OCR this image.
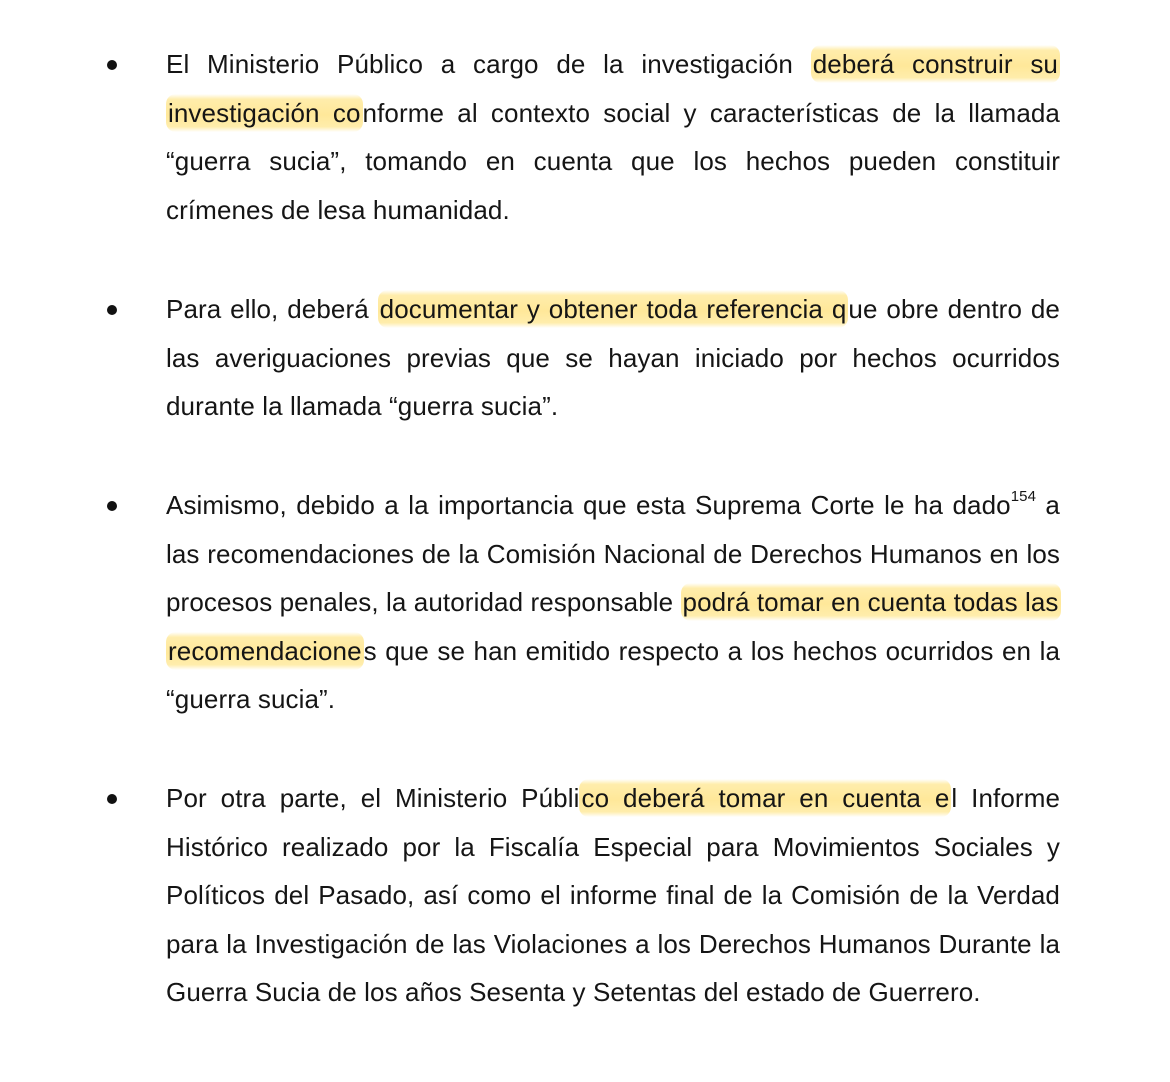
El Ministerio Público a cargo de la investigación deberá construir su investigación conforme al contexto social y características de la llamada “guerra sucia”, tomando en cuenta que los hechos pueden constituir crímenes de lesa humanidad.

Para ello, deberá documentar y obtener toda referencia que obre dentro de las averiguaciones previas que se hayan iniciado por hechos ocurridos durante la llamada “guerra sucia”.

Asimismo, debido a la importancia que esta Suprema Corte le ha dado$^{154}$ a las recomendaciones de la Comisión Nacional de Derechos Humanos en los procesos penales, la autoridad responsable podrá tomar en cuenta todas las recomendaciones que se han emitido respecto a los hechos ocurridos en la “guerra sucia”.

Por otra parte, el Ministerio Público deberá tomar en cuenta el Informe Histórico realizado por la Fiscalía Especial para Movimientos Sociales y Políticos del Pasado, así como el informe final de la Comisión de la Verdad para la Investigación de las Violaciones a los Derechos Humanos Durante la Guerra Sucia de los años Sesenta y Setentas del estado de Guerrero.
